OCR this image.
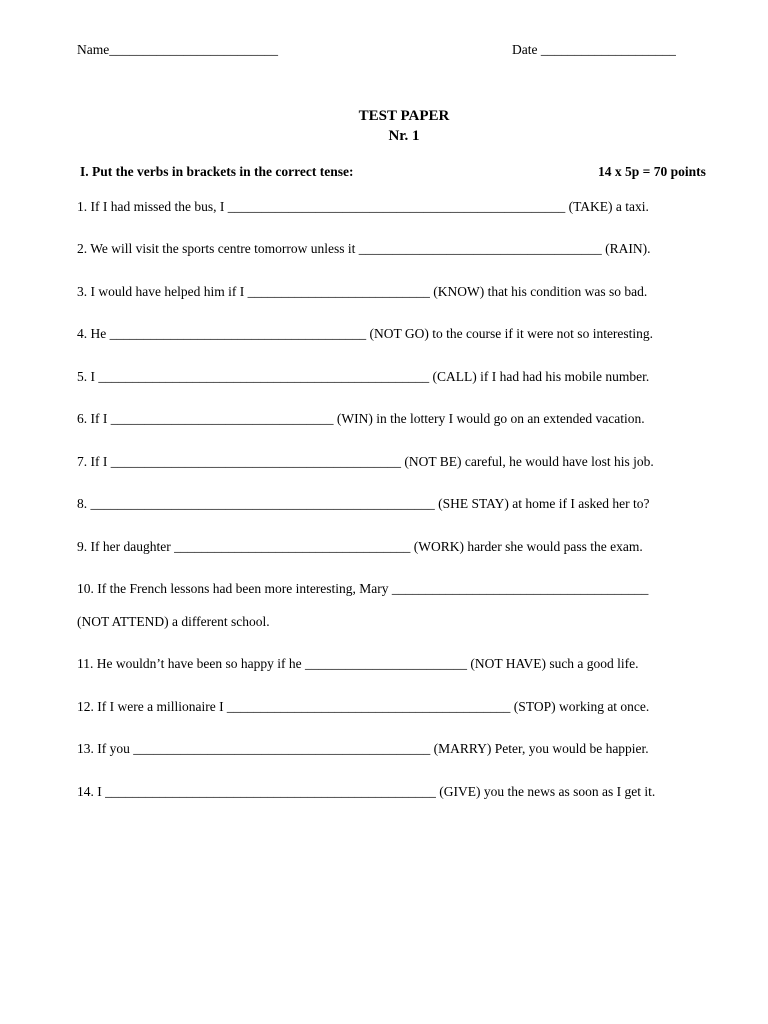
Name_________________________	Date ____________________
TEST PAPER
Nr. 1
I. Put the verbs in brackets in the correct tense:	14 x 5p = 70 points
1. If I had missed the bus, I __________________________________________________ (TAKE) a taxi.
2. We will visit the sports centre tomorrow unless it ____________________________________ (RAIN).
3. I would have helped him if I ___________________________ (KNOW) that his condition was so bad.
4. He ______________________________________ (NOT GO) to the course if it were not so interesting.
5. I _________________________________________________ (CALL) if I had had his mobile number.
6. If I _________________________________ (WIN) in the lottery I would go on an extended vacation.
7. If I ___________________________________________ (NOT BE) careful, he would have lost his job.
8. ___________________________________________________ (SHE STAY) at home if I asked her to?
9. If her daughter ___________________________________ (WORK) harder she would pass the exam.
10. If the French lessons had been more interesting, Mary ______________________________________
(NOT ATTEND) a different school.
11. He wouldn’t have been so happy if he ________________________ (NOT HAVE) such a good life.
12. If I were a millionaire I __________________________________________ (STOP) working at once.
13. If you ____________________________________________ (MARRY) Peter, you would be happier.
14. I _________________________________________________ (GIVE) you the news as soon as I get it.
